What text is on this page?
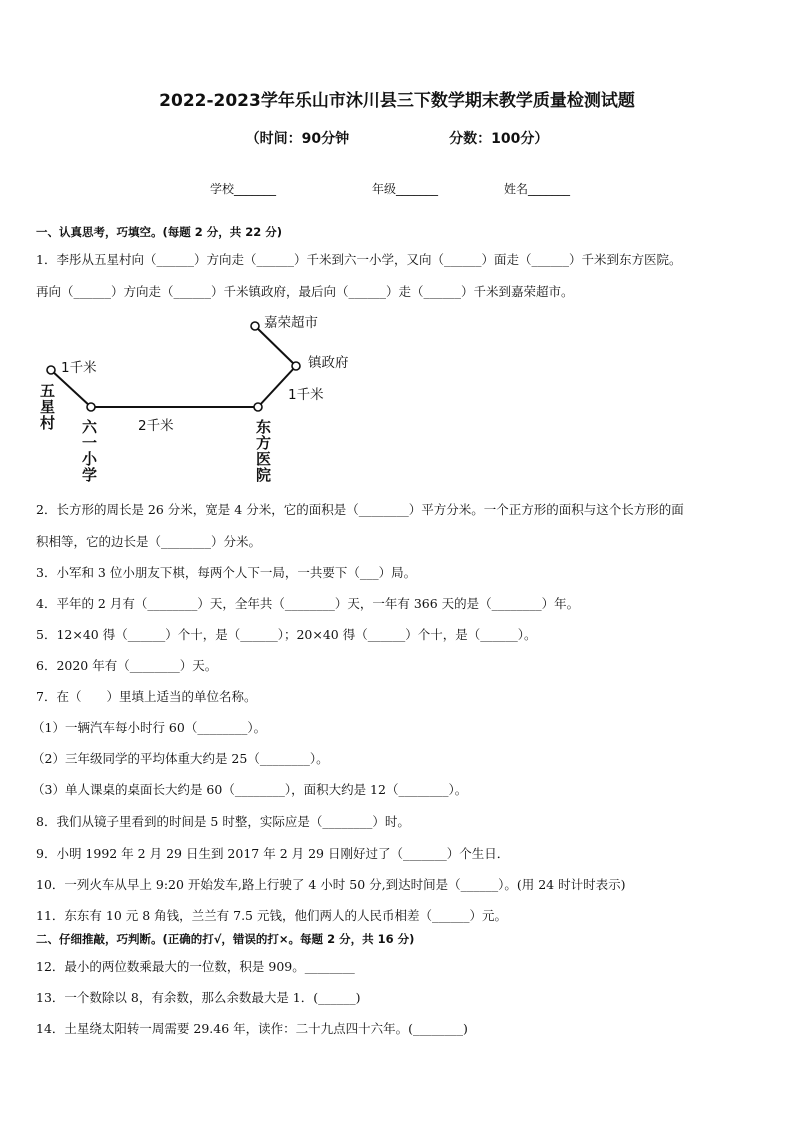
2022-2023学年乐山市沐川县三下数学期末教学质量检测试题
（时间：90分钟	分数：100分）
学校_______	年级_______	姓名_______
一、认真思考，巧填空。(每题 2 分，共 22 分)
1．李彤从五星村向（______）方向走（______）千米到六一小学，又向（______）面走（______）千米到东方医院。
再向（______）方向走（______）千米镇政府，最后向（______）走（______）千米到嘉荣超市。
嘉荣超市
镇政府
1千米
1千米
2千米
五
星
村 六
一
小
学
东
方
医
院
2．长方形的周长是 26 分米，宽是 4 分米，它的面积是（________）平方分米。一个正方形的面积与这个长方形的面
积相等，它的边长是（________）分米。
3．小军和 3 位小朋友下棋，每两个人下一局，一共要下（___）局。
4．平年的 2 月有（________）天，全年共（________）天，一年有 366 天的是（________）年。
5．12×40 得（______）个十，是（______）；20×40 得（______）个十，是（______）。
6．2020 年有（________）天。
7．在（　　）里填上适当的单位名称。
（1）一辆汽车每小时行 60（________）。
（2）三年级同学的平均体重大约是 25（________）。
（3）单人课桌的桌面长大约是 60（________），面积大约是 12（________）。
8．我们从镜子里看到的时间是 5 时整，实际应是（________）时。
9．小明 1992 年 2 月 29 日生到 2017 年 2 月 29 日刚好过了（_______）个生日．
10．一列火车从早上 9:20 开始发车,路上行驶了 4 小时 50 分,到达时间是（______）。(用 24 时计时表示)
11．东东有 10 元 8 角钱，兰兰有 7.5 元钱，他们两人的人民币相差（______）元。
二、仔细推敲，巧判断。(正确的打√，错误的打×。每题 2 分，共 16 分)
12．最小的两位数乘最大的一位数，积是 909。________
13．一个数除以 8，有余数，那么余数最大是 1．(______)
14．土星绕太阳转一周需要 29.46 年，读作：二十九点四十六年。(________)
